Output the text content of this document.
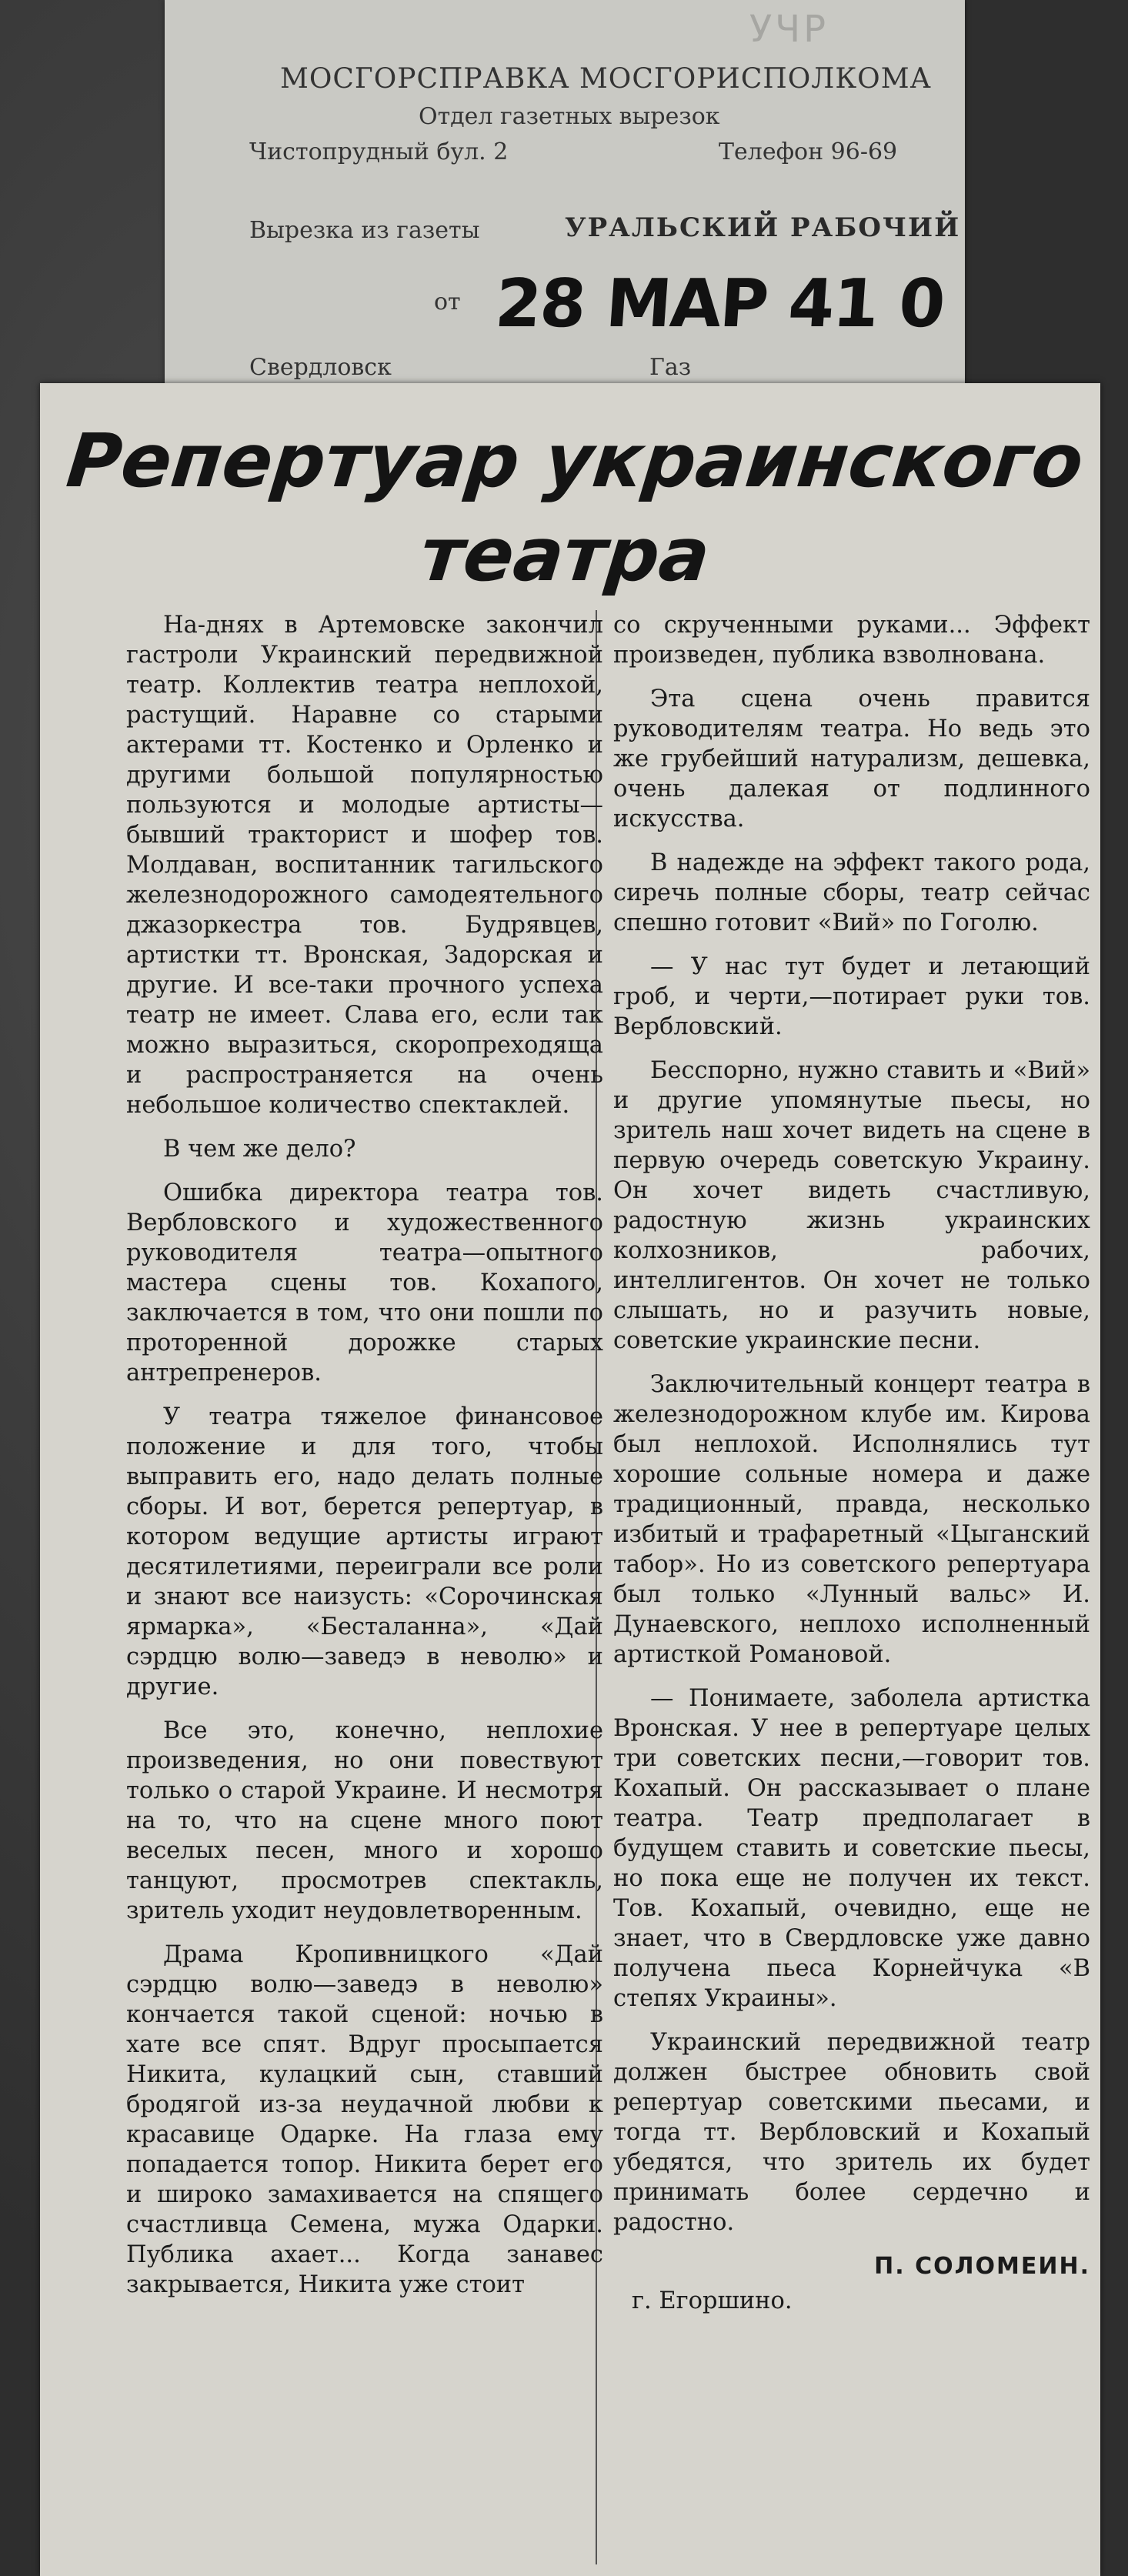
УЧР
МОСГОРСПРАВКА МОСГОРИСПОЛКОМА
Отдел газетных вырезок
Чистопрудный бул. 2	Телефон 96-69
Вырезка из газеты	УРАЛЬСКИЙ РАБОЧИЙ
от 28 МАР 41 0
Свердловск	Газ
Репертуар украинского театра

На-днях в Артемовске закончил гастроли Украинский передвижной театр. Коллектив театра неплохой, растущий. Наравне со старыми актерами тт. Костенко и Орленко и другими большой популярностью пользуются и молодые артисты—бывший тракторист и шофер тов. Молдаван, воспитанник тагильского железнодорожного самодеятельного джазоркестра тов. Будрявцев, артистки тт. Вронская, Задорская и другие. И все-таки прочного успеха театр не имеет. Слава его, если так можно выразиться, скоропреходяща и распространяется на очень небольшое количество спектаклей.

В чем же дело?

Ошибка директора театра тов. Вербловского и художественного руководителя театра—опытного мастера сцены тов. Кохапого, заключается в том, что они пошли по проторенной дорожке старых антрепренеров.

У театра тяжелое финансовое положение и для того, чтобы выправить его, надо делать полные сборы. И вот, берется репертуар, в котором ведущие артисты играют десятилетиями, переиграли все роли и знают все наизусть: «Сорочинская ярмарка», «Бесталанна», «Дай сэрдцю волю—заведэ в неволю» и другие.

Все это, конечно, неплохие произведения, но они повествуют только о старой Украине. И несмотря на то, что на сцене много поют веселых песен, много и хорошо танцуют, просмотрев спектакль, зритель уходит неудовлетворенным.

Драма Кропивницкого «Дай сэрдцю волю—заведэ в неволю» кончается такой сценой: ночью в хате все спят. Вдруг просыпается Никита, кулацкий сын, ставший бродягой из-за неудачной любви к красавице Одарке. На глаза ему попадается топор. Никита берет его и широко замахивается на спящего счастливца Семена, мужа Одарки. Публика ахает... Когда занавес закрывается, Никита уже стоит

со скрученными руками... Эффект произведен, публика взволнована.

Эта сцена очень правится руководителям театра. Но ведь это же грубейший натурализм, дешевка, очень далекая от подлинного искусства.

В надежде на эффект такого рода, сиречь полные сборы, театр сейчас спешно готовит «Вий» по Гоголю.

— У нас тут будет и летающий гроб, и черти,—потирает руки тов. Верблoвский.

Бесспорно, нужно ставить и «Вий» и другие упомянутые пьесы, но зритель наш хочет видеть на сцене в первую очередь советскую Украину. Он хочет видеть счастливую, радостную жизнь украинских колхозников, рабочих, интеллигентов. Он хочет не только слышать, но и разучить новые, советские украинские песни.

Заключительный концерт театра в железнодорожном клубе им. Кирова был неплохой. Исполнялись тут хорошие сольные номера и даже традиционный, правда, несколько избитый и трафаретный «Цыганский табор». Но из советского репертуара был только «Лунный вальс» И. Дунаевского, неплохо исполненный артисткой Романовой.

— Понимаете, заболела артистка Вронская. У нее в репертуаре целых три советских песни,—говорит тов. Кохапый. Он рассказывает о плане театра. Театр предполагает в будущем ставить и советские пьесы, но пока еще не получен их текст. Тов. Кохапый, очевидно, еще не знает, что в Свердловске уже давно получена пьеса Корнейчука «В степях Украины».

Украинский передвижной театр должен быстрее обновить свой репертуар советскими пьесами, и тогда тт. Вербловский и Кохапый убедятся, что зритель их будет принимать более сердечно и радостно.

П. СОЛОМЕИН.
г. Егоршино.
